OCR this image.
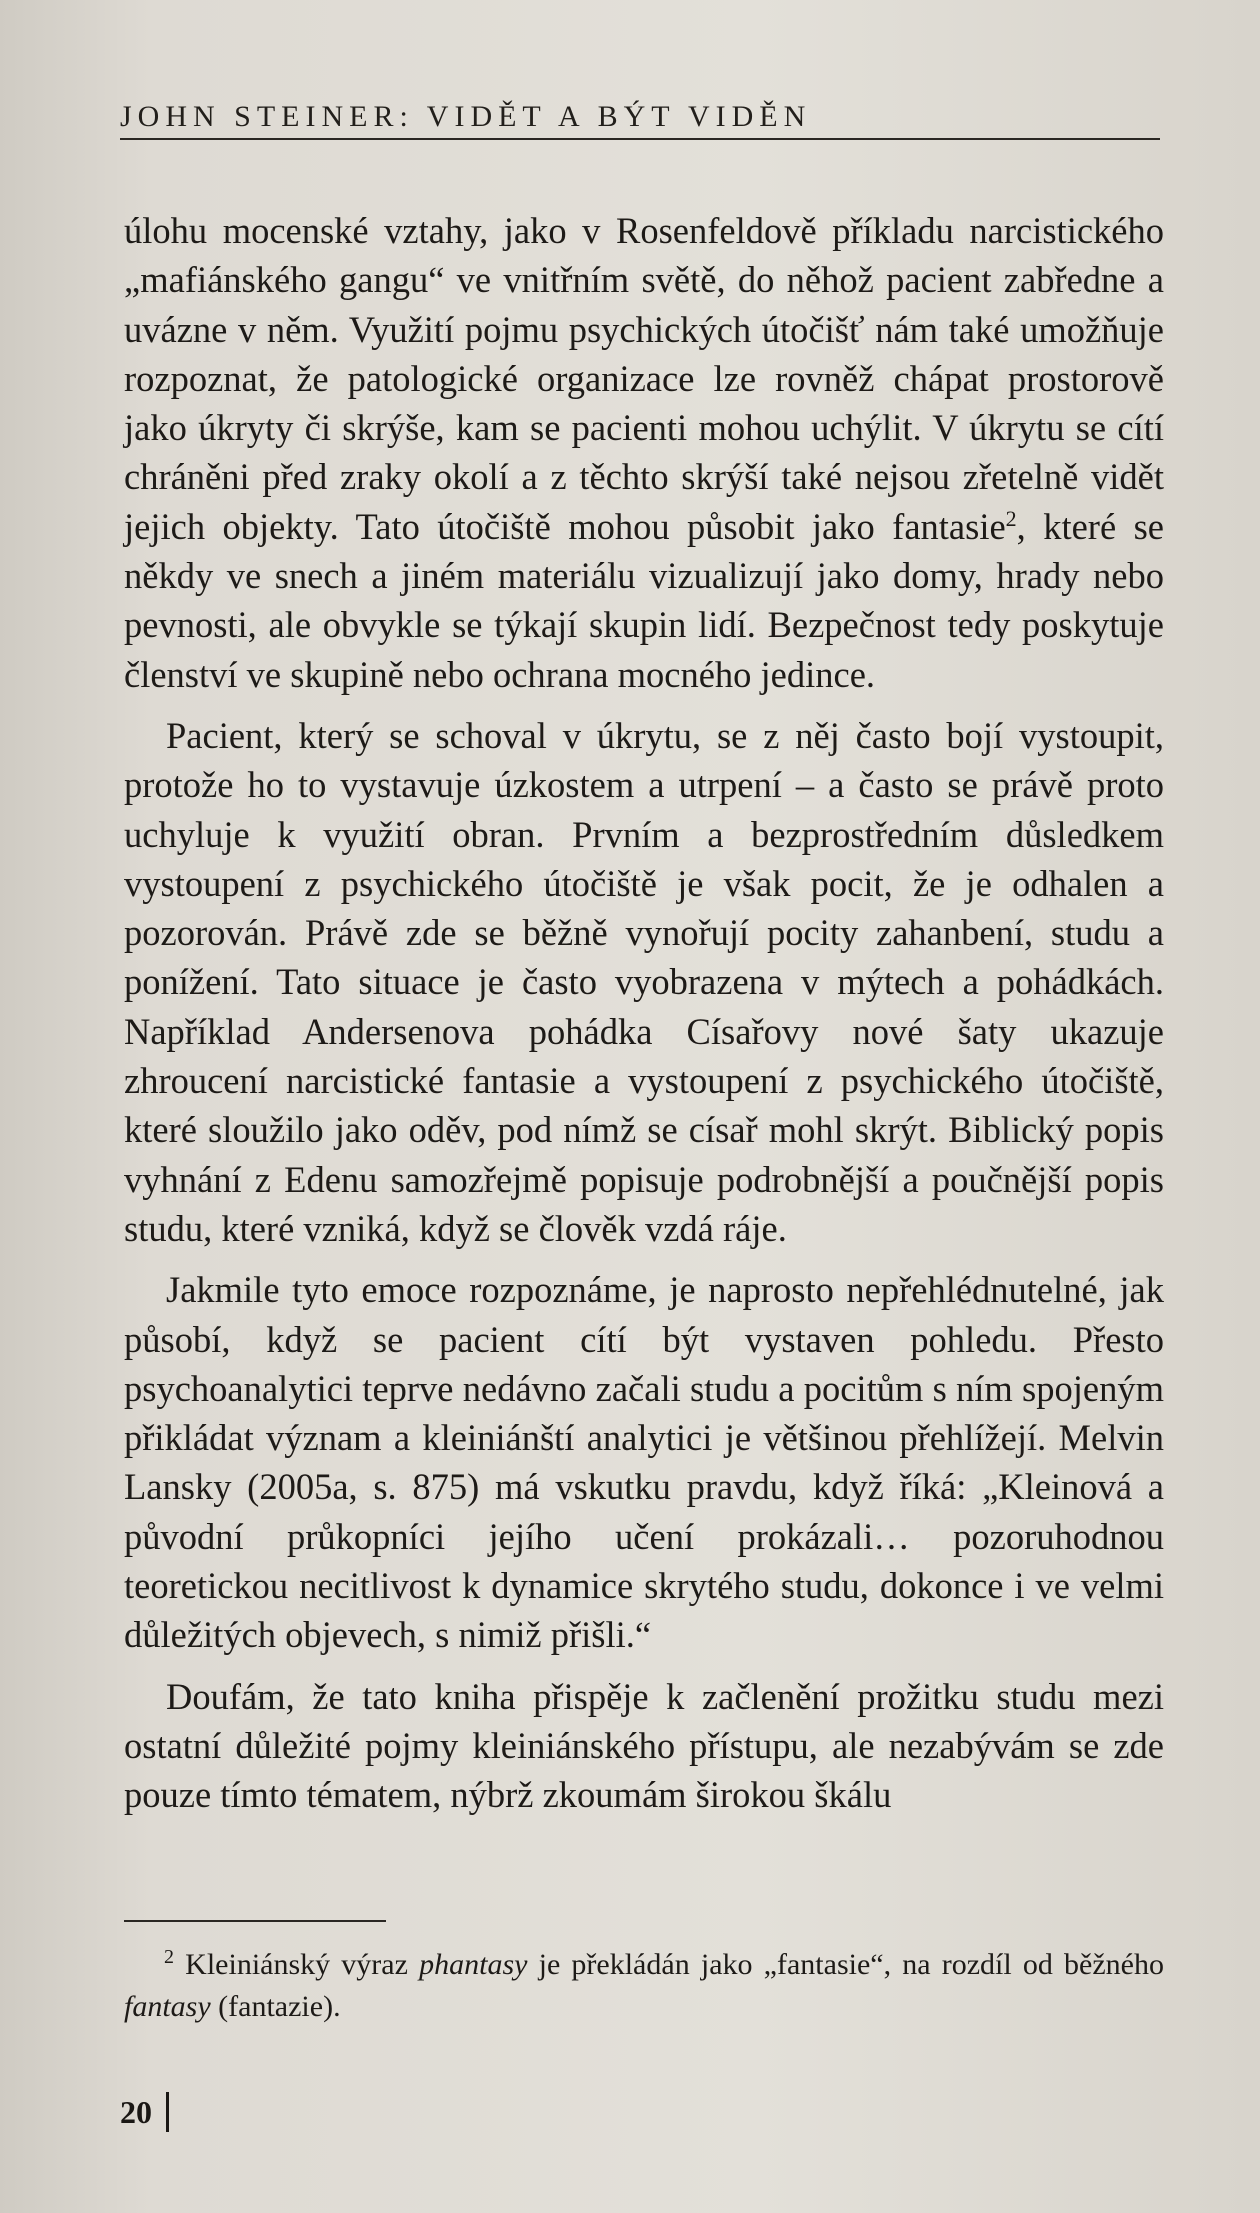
JOHN STEINER: VIDĚT A BÝT VIDĚN

úlohu mocenské vztahy, jako v Rosenfeldově příkladu narcistického „mafiánského gangu“ ve vnitřním světě, do něhož pacient zabředne a uvázne v něm. Využití pojmu psychických útočišť nám také umožňuje rozpoznat, že patologické organizace lze rovněž chápat prostorově jako úkryty či skrýše, kam se pacienti mohou uchýlit. V úkrytu se cítí chráněni před zraky okolí a z těchto skrýší také nejsou zřetelně vidět jejich objekty. Tato útočiště mohou působit jako fantasie$^2$, které se někdy ve snech a jiném materiálu vizualizují jako domy, hrady nebo pevnosti, ale obvykle se týkají skupin lidí. Bezpečnost tedy poskytuje členství ve skupině nebo ochrana mocného jedince.

Pacient, který se schoval v úkrytu, se z něj často bojí vystoupit, protože ho to vystavuje úzkostem a utrpení – a často se právě proto uchyluje k využití obran. Prvním a bezprostředním důsledkem vystoupení z psychického útočiště je však pocit, že je odhalen a pozorován. Právě zde se běžně vynořují pocity zahanbení, studu a ponížení. Tato situace je často vyobrazena v mýtech a pohádkách. Například Andersenova pohádka Císařovy nové šaty ukazuje zhroucení narcistické fantasie a vystoupení z psychického útočiště, které sloužilo jako oděv, pod nímž se císař mohl skrýt. Biblický popis vyhnání z Edenu samozřejmě popisuje podrobnější a poučnější popis studu, které vzniká, když se člověk vzdá ráje.

Jakmile tyto emoce rozpoznáme, je naprosto nepřehlédnutelné, jak působí, když se pacient cítí být vystaven pohledu. Přesto psychoanalytici teprve nedávno začali studu a pocitům s ním spojeným přikládat význam a kleiniánští analytici je většinou přehlížejí. Melvin Lansky (2005a, s. 875) má vskutku pravdu, když říká: „Kleinová a původní průkopníci jejího učení prokázali… pozoruhodnou teoretickou necitlivost k dynamice skrytého studu, dokonce i ve velmi důležitých objevech, s nimiž přišli.“

Doufám, že tato kniha přispěje k začlenění prožitku studu mezi ostatní důležité pojmy kleiniánského přístupu, ale nezabývám se zde pouze tímto tématem, nýbrž zkoumám širokou škálu

$^2$ Kleiniánský výraz phantasy je překládán jako „fantasie“, na rozdíl od běžného fantasy (fantazie).
20
